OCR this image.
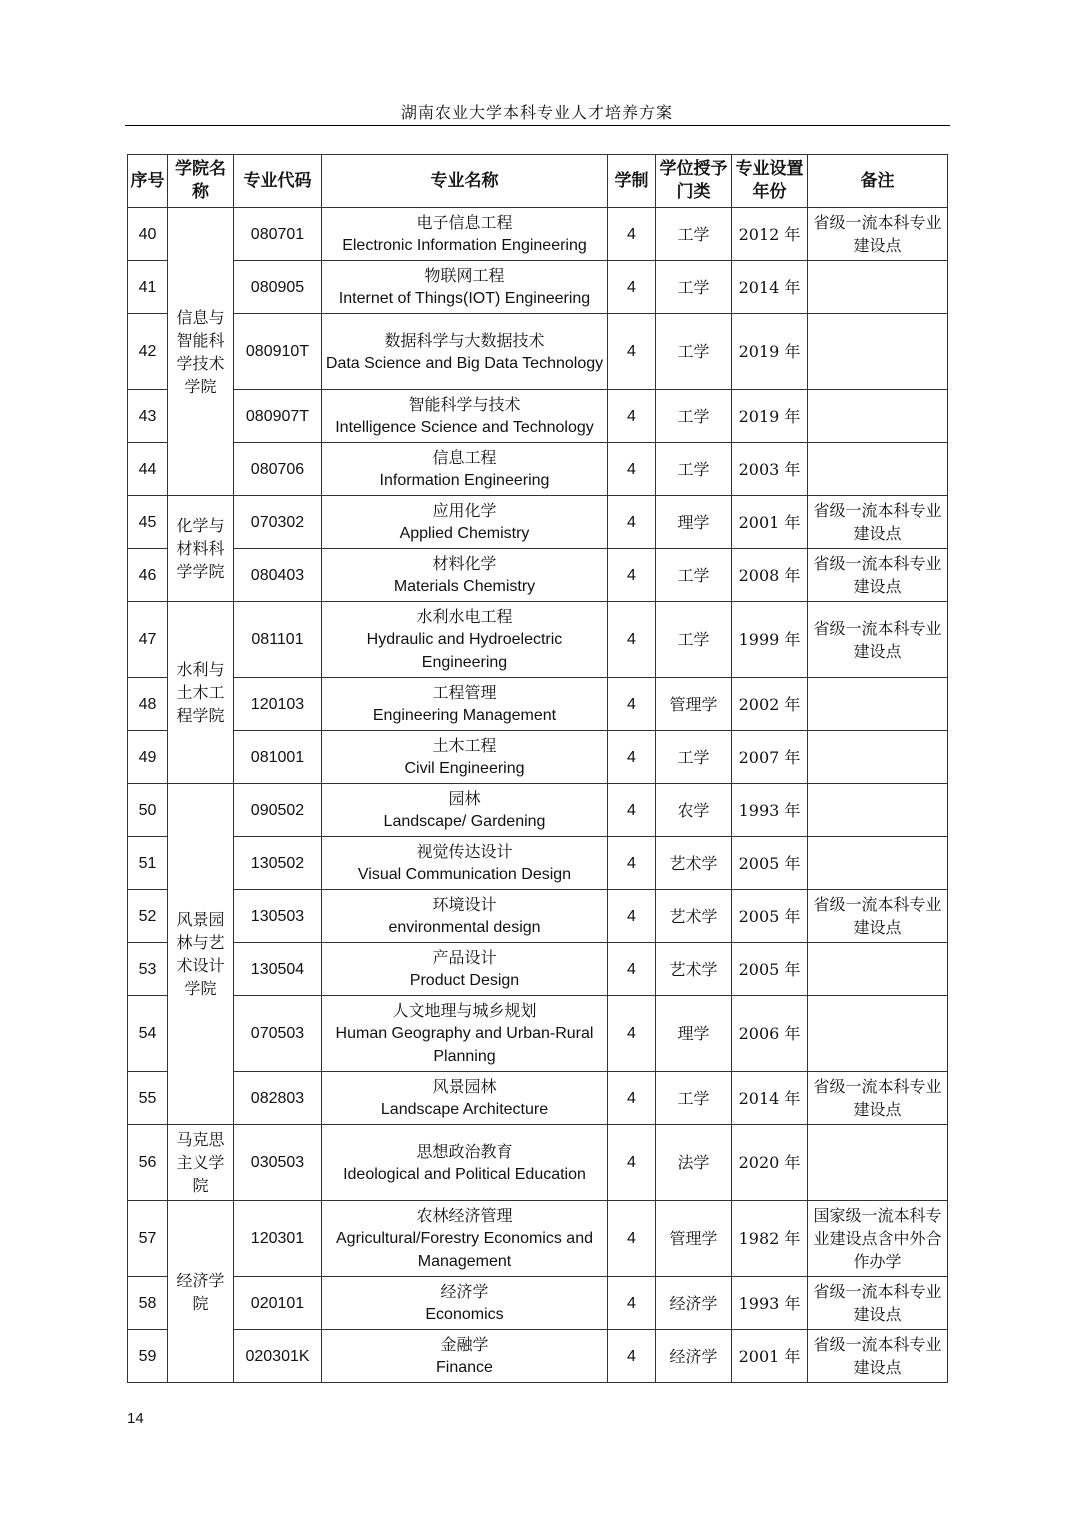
湖南农业大学本科专业人才培养方案
序号	学院名称	专业代码	专业名称	学制	学位授予门类	专业设置年份	备注
40	信息与智能科学技术学院	080701	电子信息工程
Electronic Information Engineering	4	工学	2012 年	省级一流本科专业建设点
41		080905	物联网工程
Internet of Things(IOT) Engineering	4	工学	2014 年	
42		080910T	数据科学与大数据技术
Data Science and Big Data Technology	4	工学	2019 年	
43		080907T	智能科学与技术
Intelligence Science and Technology	4	工学	2019 年	
44		080706	信息工程
Information Engineering	4	工学	2003 年	
45	化学与材料科学学院	070302	应用化学
Applied Chemistry	4	理学	2001 年	省级一流本科专业建设点
46		080403	材料化学
Materials Chemistry	4	工学	2008 年	省级一流本科专业建设点
47	水利与土木工程学院	081101	水利水电工程
Hydraulic and Hydroelectric Engineering	4	工学	1999 年	省级一流本科专业建设点
48		120103	工程管理
Engineering Management	4	管理学	2002 年	
49		081001	土木工程
Civil Engineering	4	工学	2007 年	
50	风景园林与艺术设计学院	090502	园林
Landscape/ Gardening	4	农学	1993 年	
51		130502	视觉传达设计
Visual Communication Design	4	艺术学	2005 年	
52		130503	环境设计
environmental design	4	艺术学	2005 年	省级一流本科专业建设点
53		130504	产品设计
Product Design	4	艺术学	2005 年	
54		070503	人文地理与城乡规划
Human Geography and Urban-Rural Planning	4	理学	2006 年	
55		082803	风景园林
Landscape Architecture	4	工学	2014 年	省级一流本科专业建设点
56	马克思主义学院	030503	思想政治教育
Ideological and Political Education	4	法学	2020 年	
57	经济学院	120301	农林经济管理
Agricultural/Forestry Economics and Management	4	管理学	1982 年	国家级一流本科专业建设点含中外合作办学
58		020101	经济学
Economics	4	经济学	1993 年	省级一流本科专业建设点
59		020301K	金融学
Finance	4	经济学	2001 年	省级一流本科专业建设点
14
